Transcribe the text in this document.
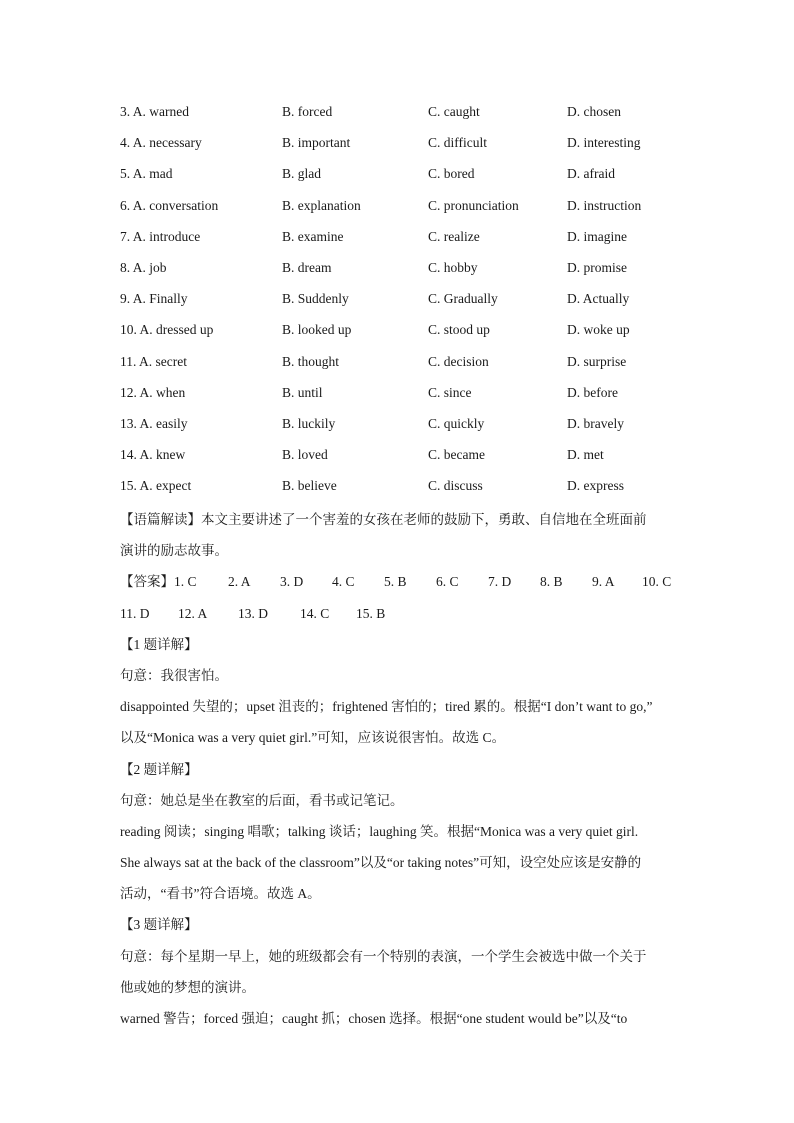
3. A. warned	B. forced	C. caught	D. chosen
4. A. necessary	B. important	C. difficult	D. interesting
5. A. mad	B. glad	C. bored	D. afraid
6. A. conversation	B. explanation	C. pronunciation	D. instruction
7. A. introduce	B. examine	C. realize	D. imagine
8. A. job	B. dream	C. hobby	D. promise
9. A. Finally	B. Suddenly	C. Gradually	D. Actually
10. A. dressed up	B. looked up	C. stood up	D. woke up
11. A. secret	B. thought	C. decision	D. surprise
12. A. when	B. until	C. since	D. before
13. A. easily	B. luckily	C. quickly	D. bravely
14. A. knew	B. loved	C. became	D. met
15. A. expect	B. believe	C. discuss	D. express
【语篇解读】本文主要讲述了一个害羞的女孩在老师的鼓励下，勇敢、自信地在全班面前
演讲的励志故事。
【答案】1. C 2. A 3. D 4. C 5. B 6. C 7. D 8. B 9. A 10. C
11. D 12. A 13. D 14. C 15. B
【1 题详解】
句意：我很害怕。
disappointed 失望的；upset 沮丧的；frightened 害怕的；tired 累的。根据“I don’t want to go,”
以及“Monica was a very quiet girl.”可知，应该说很害怕。故选 C。
【2 题详解】
句意：她总是坐在教室的后面，看书或记笔记。
reading 阅读；singing 唱歌；talking 谈话；laughing 笑。根据“Monica was a very quiet girl.
She always sat at the back of the classroom”以及“or taking notes”可知，设空处应该是安静的
活动，“看书”符合语境。故选 A。
【3 题详解】
句意：每个星期一早上，她的班级都会有一个特别的表演，一个学生会被选中做一个关于
他或她的梦想的演讲。
warned 警告；forced 强迫；caught 抓；chosen 选择。根据“one student would be”以及“to
